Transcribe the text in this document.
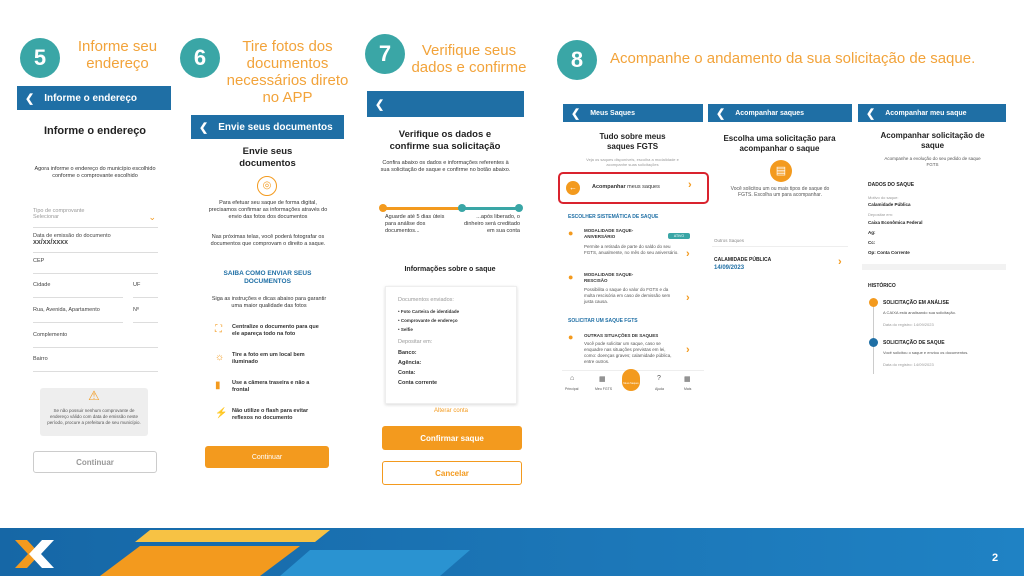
5	Informe seu endereço	6	Tire fotos dos documentos necessários direto no APP
7	Verifique seus dados e confirme	8	Acompanhe o andamento da sua solicitação de saque.
❮ Informe o endereço
Informe o endereço
Agora informe o endereço do município escolhido conforme o comprovante escolhido
Tipo de comprovante
Selecionar	⌄
Data de emissão do documento
xx/xx/xxxx
CEP
Cidade	UF
Rua, Avenida, Apartamento	Nº
Complemento
Bairro
⚠
Se não possuir nenhum comprovante de endereço válido com data de emissão neste período, procure a prefeitura de seu município.
Continuar
❮ Envie seus documentos
Envie seus documentos
◎
Para efetuar seu saque de forma digital, precisamos confirmar as informações através do envio das fotos dos documentos
Nas próximas telas, você poderá fotografar os documentos que comprovam o direito a saque.
SAIBA COMO ENVIAR SEUS DOCUMENTOS
Siga as instruções e dicas abaixo para garantir uma maior qualidade das fotos
⛶ Centralize o documento para que ele apareça todo na foto
☼ Tire a foto em um local bem iluminado
▮ Use a câmera traseira e não a frontal
⚡ Não utilize o flash para evitar reflexos no documento
Continuar
❮
Verifique os dados e confirme sua solicitação
Confira abaixo os dados e informações referentes à sua solicitação de saque e confirme no botão abaixo.
Aguarde até 5 dias úteis para análise dos documentos...
...após liberado, o dinheiro será creditado em sua conta
Informações sobre o saque
Documentos enviados:
• Foto Carteira de identidade
• Comprovante de endereço
• Selfie
Depositar em:
Banco:
Agência:
Conta:
Conta corrente
Alterar conta
Confirmar saque
Cancelar
❮ Meus Saques
Tudo sobre meus saques FGTS
Veja os saques disponíveis, escolha a modalidade e acompanhe suas solicitações
←	Acompanhar meus saques	›
ESCOLHER SISTEMÁTICA DE SAQUE
● MODALIDADE SAQUE-ANIVERSÁRIO	ATIVO
Permite a retirada de parte do saldo do seu FGTS, anualmente, no mês do seu aniversário. ›
● MODALIDADE SAQUE-RESCISÃO
Possibilita o saque do valor do FGTS e da multa rescisória em caso de demissão sem justa causa.	›
SOLICITAR UM SAQUE FGTS
● OUTRAS SITUAÇÕES DE SAQUES
Você pode solicitar um saque, caso se enquadre nas situações previstas em lei, como: doenças graves; calamidade pública, entre outros.
›
⌂
Principal
▦
Meu FGTS
Meus Saques
?
Ajuda
▦
Mais
❮ Acompanhar saques
Escolha uma solicitação para acompanhar o saque
▤
Você solicitou um ou mais tipos de saque do FGTS. Escolha um para acompanhar.
Outros Saques
CALAMIDADE PÚBLICA
14/09/2023	›
❮ Acompanhar meu saque
Acompanhar solicitação de saque
Acompanhe a evolução do seu pedido de saque FGTS
DADOS DO SAQUE
Motivo do saque:
Calamidade Pública
Depositar em:
Caixa Econômica Federal
Ag:
Cc:
Op: Conta Corrente
HISTÓRICO
SOLICITAÇÃO EM ANÁLISE
A CAIXA está analisando sua solicitação.
Data do registro: 14/09/2023
SOLICITAÇÃO DE SAQUE
Você solicitou o saque e enviou os documentos.
Data do registro: 14/09/2023
2
